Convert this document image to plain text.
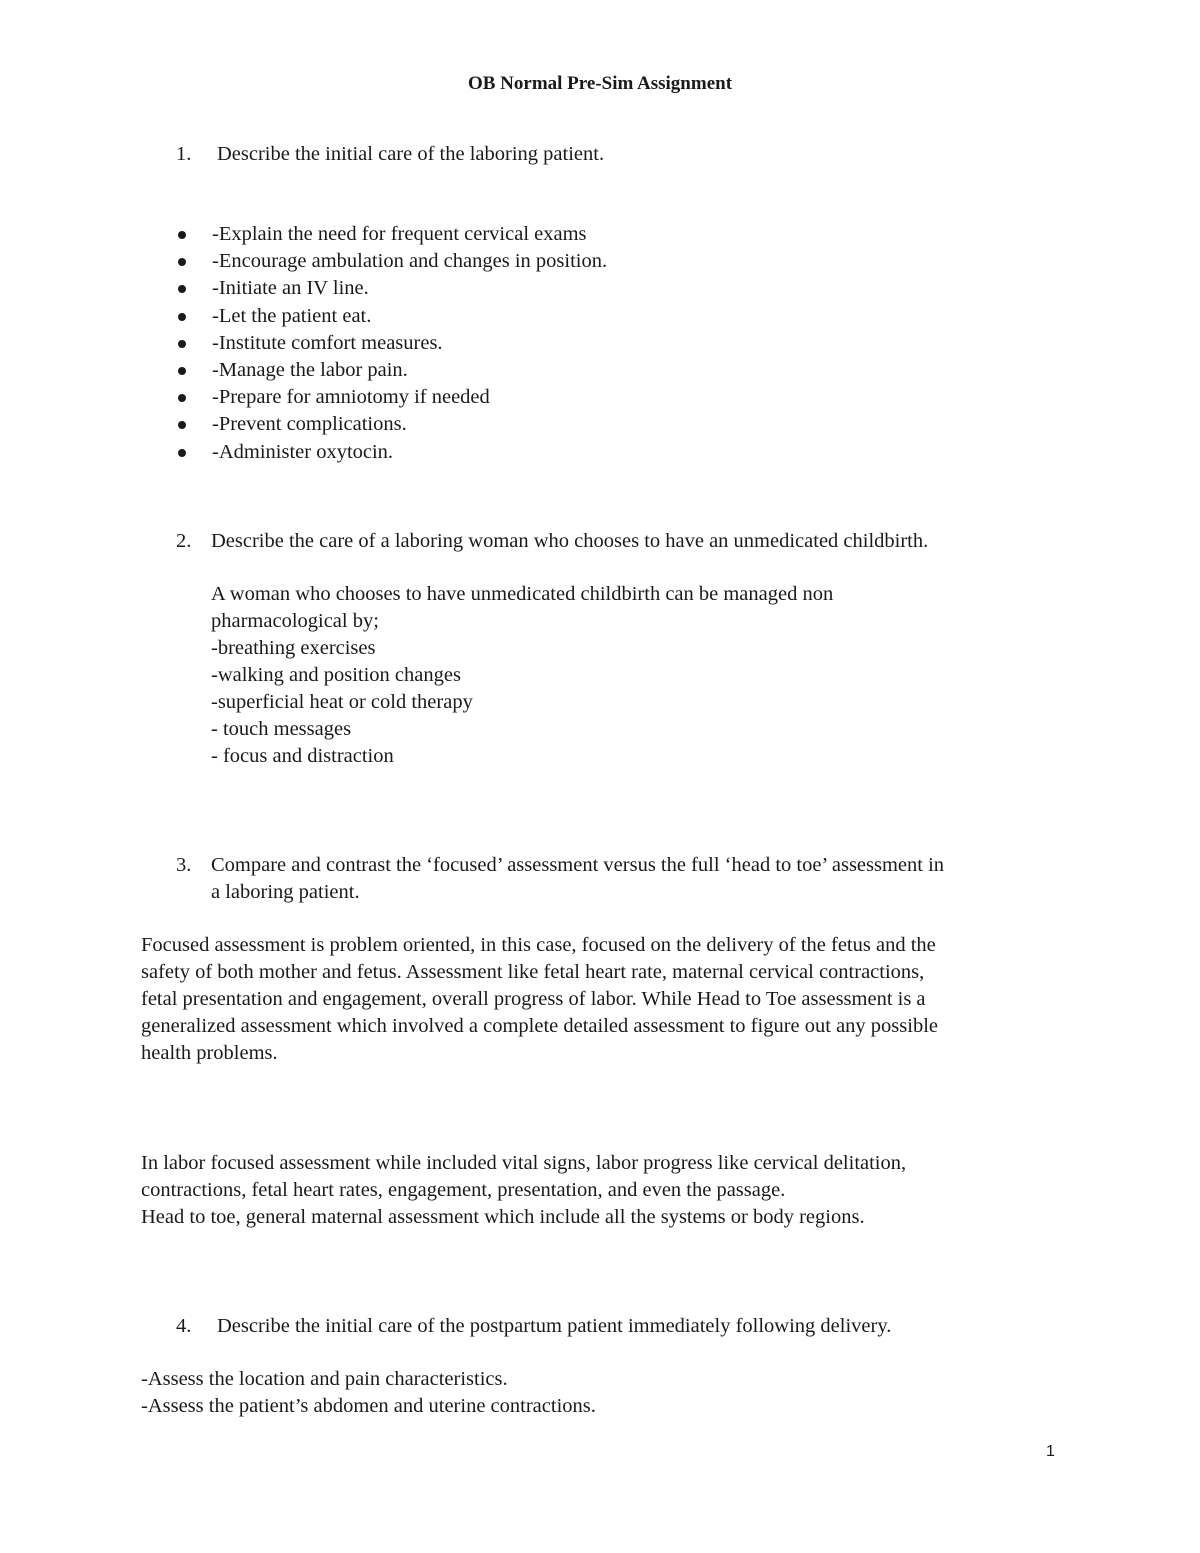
OB Normal Pre-Sim Assignment
1. Describe the initial care of the laboring patient.
-Explain the need for frequent cervical exams
-Encourage ambulation and changes in position.
-Initiate an IV line.
-Let the patient eat.
-Institute comfort measures.
-Manage the labor pain.
-Prepare for amniotomy if needed
-Prevent complications.
-Administer oxytocin.
2. Describe the care of a laboring woman who chooses to have an unmedicated childbirth.
A woman who chooses to have unmedicated childbirth can be managed non
pharmacological by;
-breathing exercises
-walking and position changes
-superficial heat or cold therapy
- touch messages
- focus and distraction
3. Compare and contrast the ‘focused’ assessment versus the full ‘head to toe’ assessment in
a laboring patient.
Focused assessment is problem oriented, in this case, focused on the delivery of the fetus and the
safety of both mother and fetus. Assessment like fetal heart rate, maternal cervical contractions,
fetal presentation and engagement, overall progress of labor. While Head to Toe assessment is a
generalized assessment which involved a complete detailed assessment to figure out any possible
health problems.
In labor focused assessment while included vital signs, labor progress like cervical delitation,
contractions, fetal heart rates, engagement, presentation, and even the passage.
Head to toe, general maternal assessment which include all the systems or body regions.
4. Describe the initial care of the postpartum patient immediately following delivery.
-Assess the location and pain characteristics.
-Assess the patient’s abdomen and uterine contractions.
1
